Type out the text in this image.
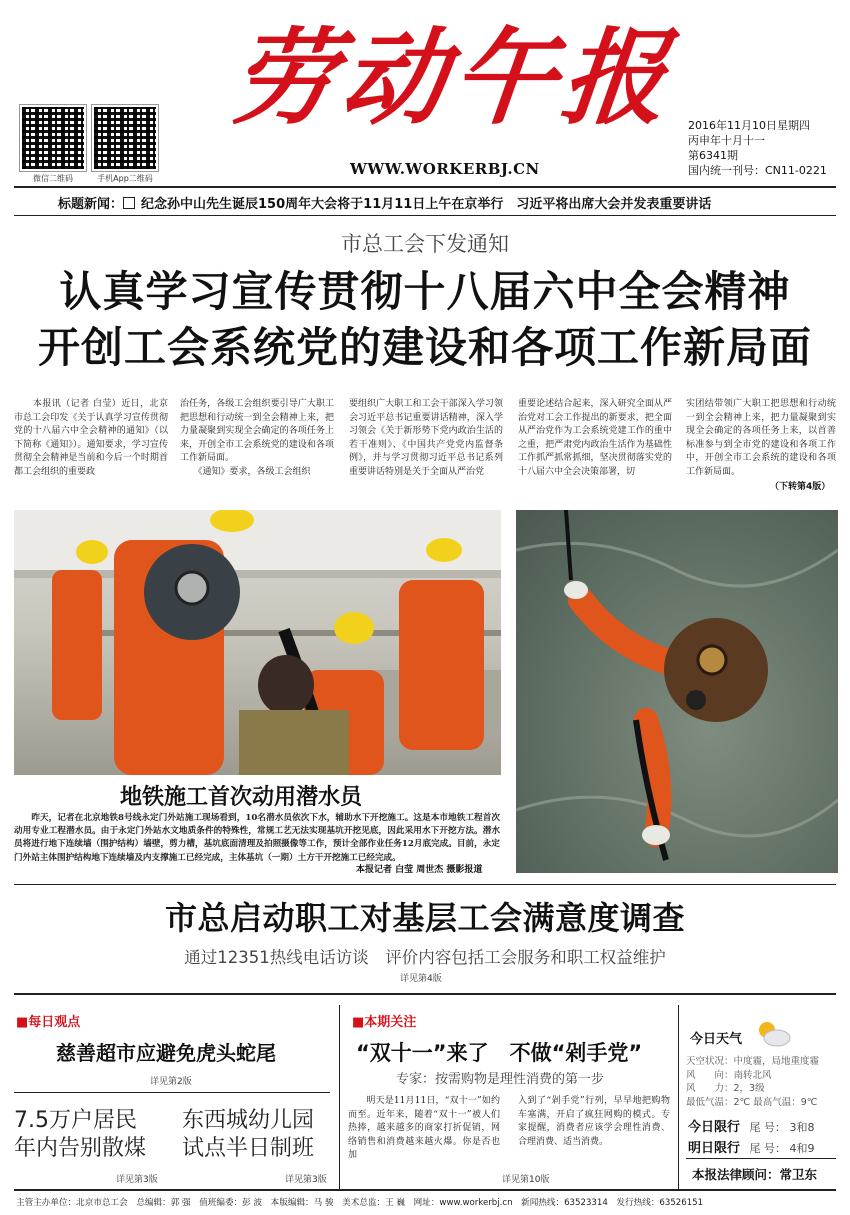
微信二维码	手机App二维码
劳动午报
WWW.WORKERBJ.CN
2016年11月10日星期四
丙申年十月十一
第6341期
国内统一刊号：CN11-0221
标题新闻： 纪念孙中山先生诞辰150周年大会将于11月11日上午在京举行　习近平将出席大会并发表重要讲话
市总工会下发通知
认真学习宣传贯彻十八届六中全会精神
开创工会系统党的建设和各项工作新局面
　　本报讯（记者 白莹）近日，北京市总工会印发《关于认真学习宣传贯彻党的十八届六中全会精神的通知》（以下简称《通知》）。通知要求，学习宣传贯彻全会精神是当前和今后一个时期首都工会组织的重要政
治任务，各级工会组织要引导广大职工把思想和行动统一到全会精神上来，把力量凝聚到实现全会确定的各项任务上来，开创全市工会系统党的建设和各项工作新局面。
　　《通知》要求，各级工会组织
要组织广大职工和工会干部深入学习领会习近平总书记重要讲话精神，深入学习领会《关于新形势下党内政治生活的若干准则》、《中国共产党党内监督条例》，并与学习贯彻习近平总书记系列重要讲话特别是关于全面从严治党
重要论述结合起来，深入研究全面从严治党对工会工作提出的新要求，把全面从严治党作为工会系统党建工作的重中之重，把严肃党内政治生活作为基础性工作抓严抓常抓细，坚决贯彻落实党的十八届六中全会决策部署，切
实团结带领广大职工把思想和行动统一到全会精神上来，把力量凝聚到实现全会确定的各项任务上来，以首善标准参与到全市党的建设和各项工作中，开创全市工会系统的建设和各项工作新局面。
（下转第4版）
地铁施工首次动用潜水员
　　昨天，记者在北京地铁8号线永定门外站施工现场看到，10名潜水员依次下水，辅助水下开挖施工。这是本市地铁工程首次动用专业工程潜水员。由于永定门外站水文地质条件的特殊性，常规工艺无法实现基坑开挖见底，因此采用水下开挖方法。潜水员将进行地下连续墙（围护结构）墙壁，剪力槽，基坑底面清理及拍照摄像等工作，预计全部作业任务12月底完成。目前，永定门外站主体围护结构地下连续墙及内支撑施工已经完成，主体基坑（一期）土方干开挖施工已经完成。
本报记者 白莹 周世杰 摄影报道
市总启动职工对基层工会满意度调查
通过12351热线电话访谈　评价内容包括工会服务和职工权益维护
详见第4版
■每日观点
慈善超市应避免虎头蛇尾
详见第2版
7.5万户居民
年内告别散煤
详见第3版
东西城幼儿园
试点半日制班
详见第3版
■本期关注
“双十一”来了　不做“剁手党”
专家：按需购物是理性消费的第一步
　　明天是11月11日，“双十一”如约而至。近年来，随着“双十一”被人们热捧，越来越多的商家打折促销，网络销售和消费越来越火爆。你是否也加
入到了“剁手党”行列，早早地把购物车塞满，开启了疯狂网购的模式。专家提醒，消费者应该学会理性消费、合理消费、适当消费。
详见第10版
今日天气
天空状况：中度霾，局地重度霾
风　　向：南转北风
风　　力：2，3级
最低气温：2℃ 最高气温：9℃
今日限行 尾 号： 3和8
明日限行 尾 号： 4和9
本报法律顾问：常卫东
主管主办单位：北京市总工会　总编辑：郭 强　值班编委：彭 波　本版编辑：马 骏　美术总监：王 巍　网址：www.workerbj.cn　新闻热线：63523314　发行热线：63526151
